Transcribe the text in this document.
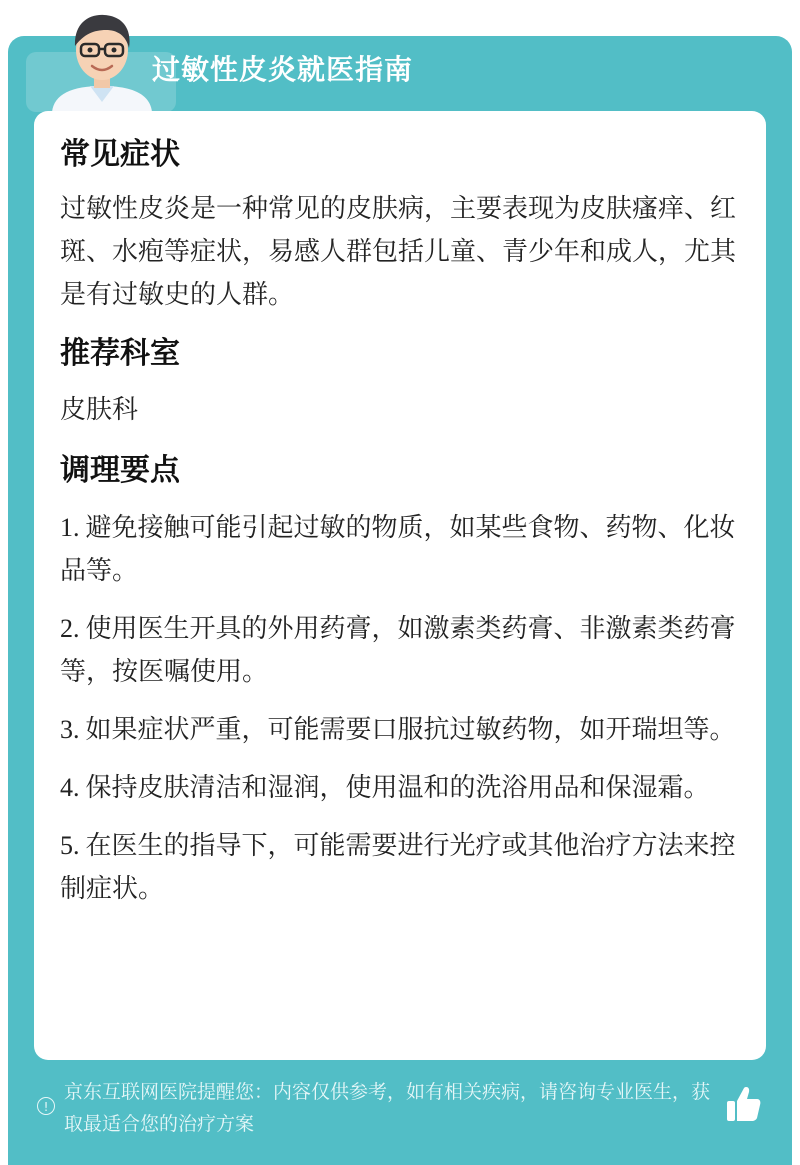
过敏性皮炎就医指南
常见症状

过敏性皮炎是一种常见的皮肤病，主要表现为皮肤瘙痒、红斑、水疱等症状，易感人群包括儿童、青少年和成人，尤其是有过敏史的人群。

推荐科室

皮肤科

调理要点
1. 避免接触可能引起过敏的物质，如某些食物、药物、化妆品等。
2. 使用医生开具的外用药膏，如激素类药膏、非激素类药膏等，按医嘱使用。
3. 如果症状严重，可能需要口服抗过敏药物，如开瑞坦等。
4. 保持皮肤清洁和湿润，使用温和的洗浴用品和保湿霜。
5. 在医生的指导下，可能需要进行光疗或其他治疗方法来控制症状。
!
京东互联网医院提醒您：内容仅供参考，如有相关疾病，请咨询专业医生，获取最适合您的治疗方案
